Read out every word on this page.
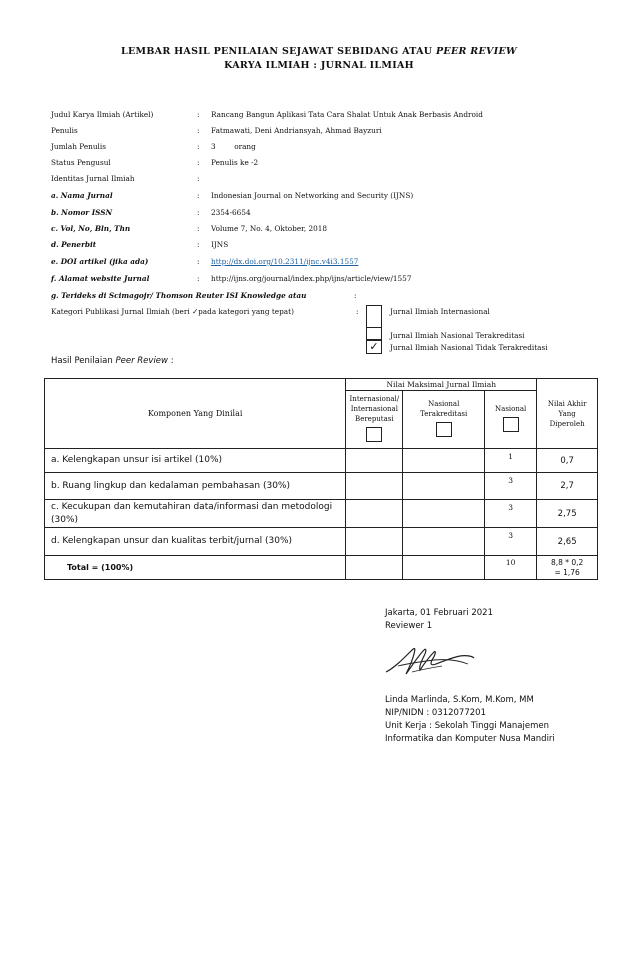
LEMBAR HASIL PENILAIAN SEJAWAT SEBIDANG ATAU PEER REVIEW
KARYA ILMIAH : JURNAL ILMIAH
Judul Karya Ilmiah (Artikel)	: Rancang Bangun Aplikasi Tata Cara Shalat Untuk Anak Berbasis Android
Penulis	: Fatmawati, Deni Andriansyah, Ahmad Bayzuri
Jumlah Penulis	: 3        orang
Status Pengusul	: Penulis ke -2
Identitas Jurnal Ilmiah	:
a. Nama Jurnal	: Indonesian Journal on Networking and Security (IJNS)
b. Nomor ISSN	: 2354-6654
c. Vol, No, Bln, Thn	: Volume 7, No. 4, Oktober, 2018
d. Penerbit	: IJNS
e. DOI artikel (jika ada)	: http://dx.doi.org/10.2311/ijnc.v4i3.1557
f. Alamat website Jurnal	: http://ijns.org/journal/index.php/ijns/article/view/1557
g. Terideks di Scimagojr/ Thomson Reuter ISI Knowledge atau	:
Kategori Publikasi Jurnal Ilmiah (beri ✓pada kategori yang tepat)	:	Jurnal Ilmiah Internasional
Jurnal Ilmiah Nasional Terakreditasi
✓	Jurnal Ilmiah Nasional Tidak Terakreditasi
Hasil Penilaian Peer Review :
Komponen Yang Dinilai	Nilai Maksimal Jurnal Ilmiah			Nilai Akhir Yang Diperoleh

	Internasional/ Internasional Bereputasi	Nasional Terakreditasi	Nasional	

a. Kelengkapan unsur isi artikel (10%)			1	0,7
b. Ruang lingkup dan kedalaman pembahasan (30%)			3	2,7
c. Kecukupan dan kemutahiran data/informasi dan metodologi (30%)			3	2,75
d. Kelengkapan unsur dan kualitas terbit/jurnal (30%)			3	2,65
Total = (100%)			10	8,8 * 0,2
= 1,76
Jakarta, 01 Februari 2021
Reviewer 1
Linda Marlinda, S.Kom, M.Kom, MM
NIP/NIDN : 0312077201
Unit Kerja : Sekolah Tinggi Manajemen Informatika dan Komputer Nusa Mandiri
